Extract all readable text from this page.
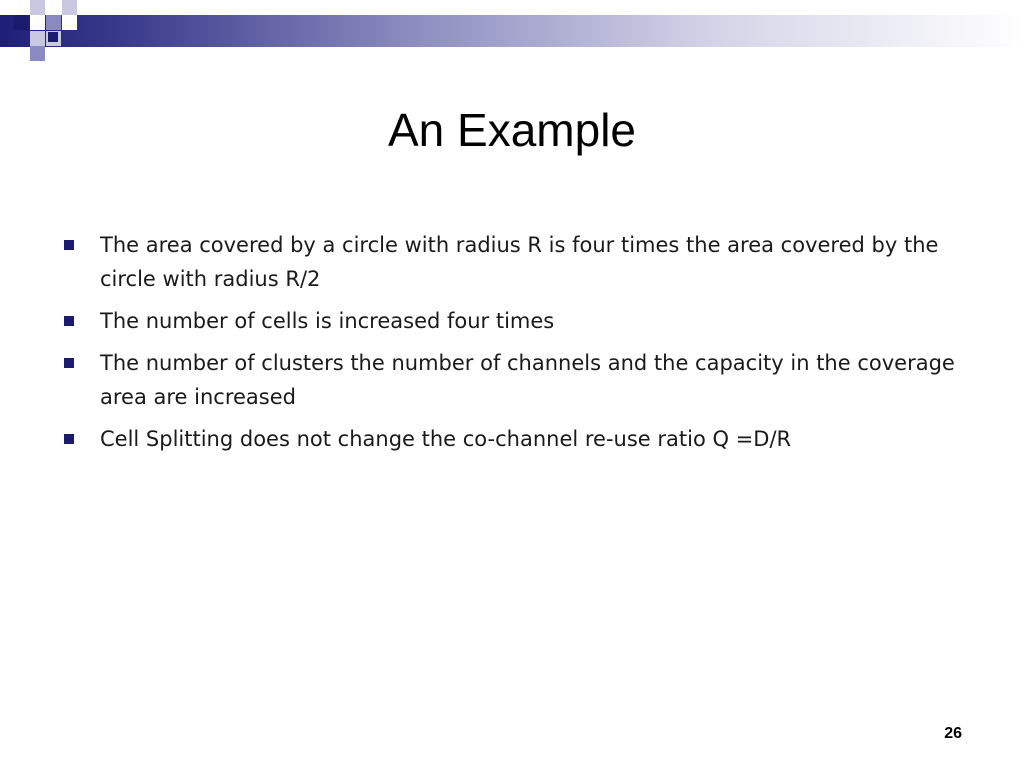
An Example
The area covered by a circle with radius R is four times the area covered by the circle with radius R/2
The number of cells is increased four times
The number of clusters the number of channels and the capacity in the coverage area are increased
Cell Splitting does not change the co-channel re-use ratio Q =D/R
26
